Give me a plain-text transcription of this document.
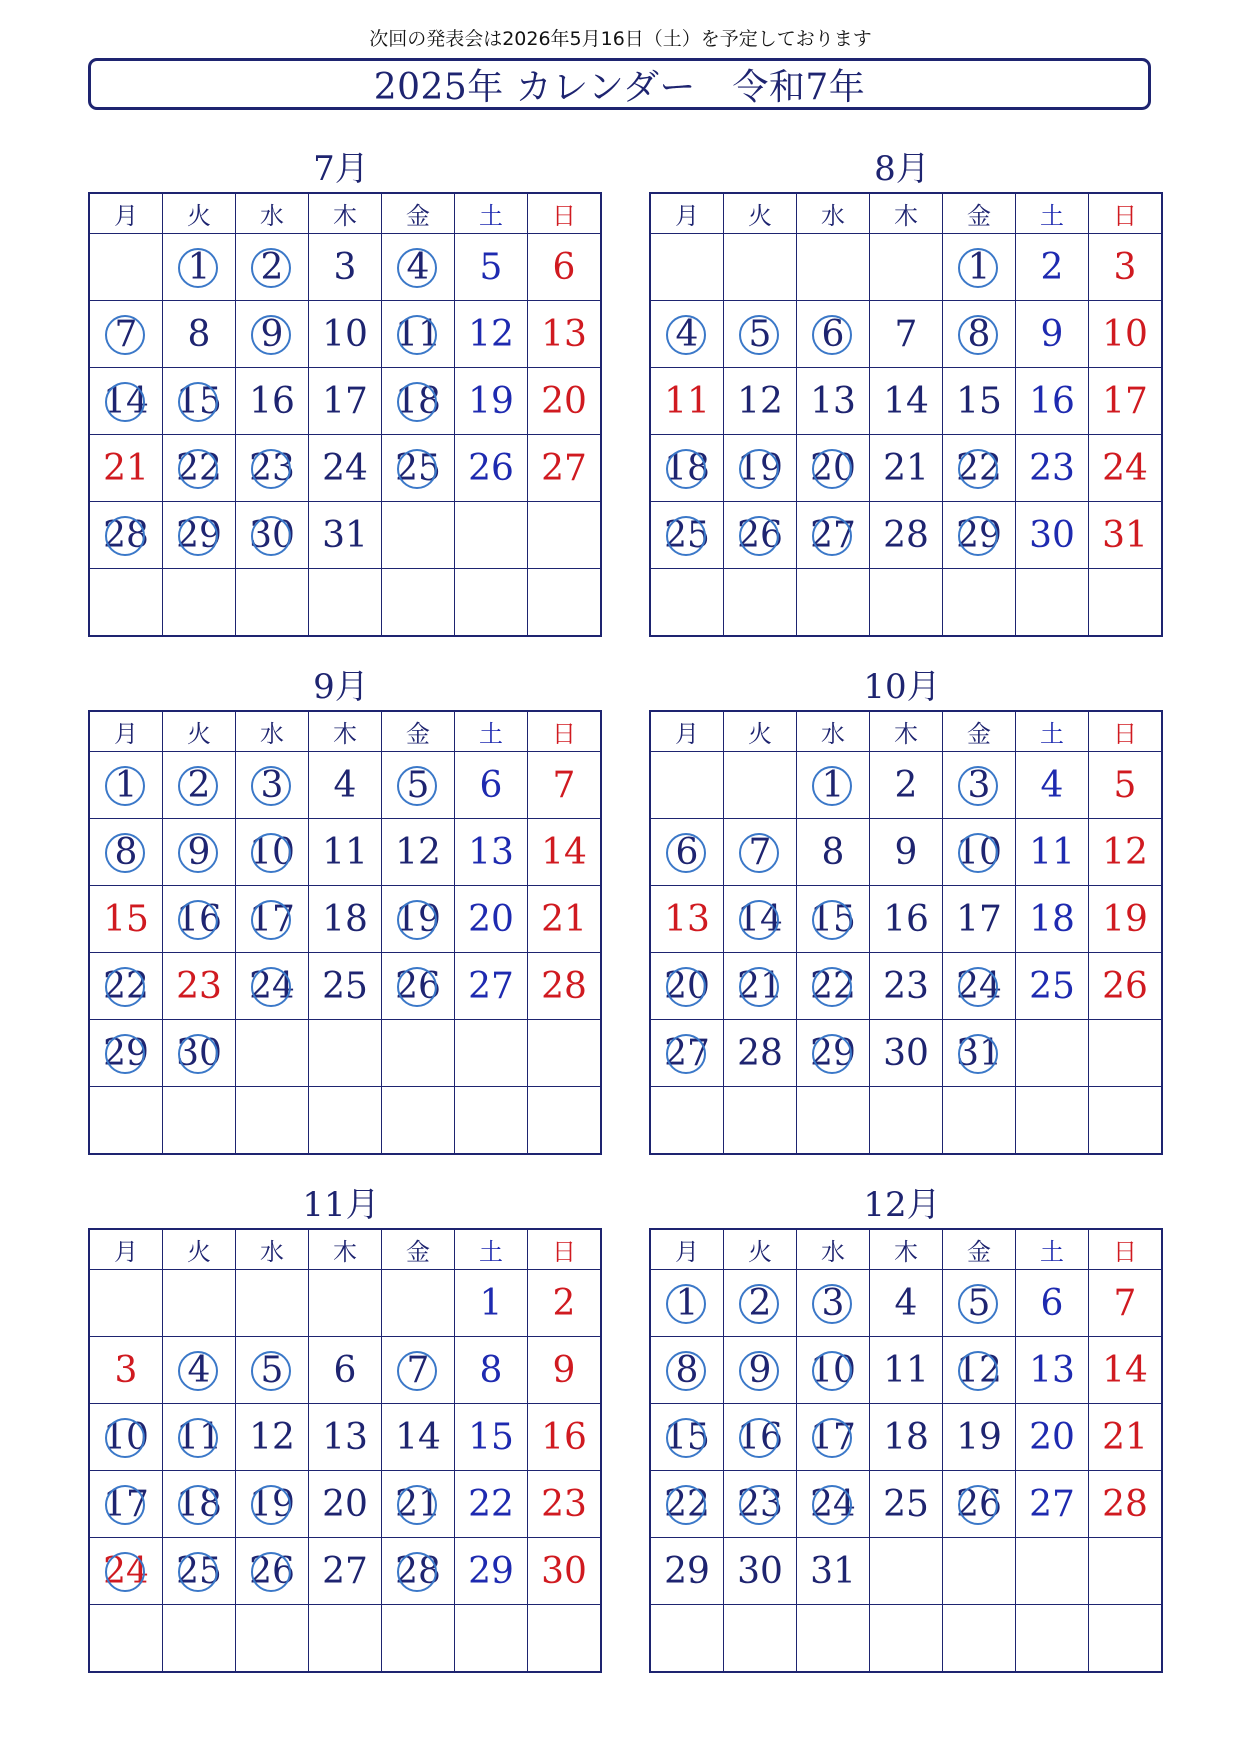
次回の発表会は2026年5月16日（土）を予定しております
2025年 カレンダー　令和7年
7月
月	火	水	木	金	土	日
	1	2	3	4	5	6
7	8	9	10	11	12	13
14	15	16	17	18	19	20
21	22	23	24	25	26	27
28	29	30	31			

8月
月	火	水	木	金	土	日
				1	2	3
4	5	6	7	8	9	10
11	12	13	14	15	16	17
18	19	20	21	22	23	24
25	26	27	28	29	30	31

9月
月	火	水	木	金	土	日
1	2	3	4	5	6	7
8	9	10	11	12	13	14
15	16	17	18	19	20	21
22	23	24	25	26	27	28
29	30					

10月
月	火	水	木	金	土	日
		1	2	3	4	5
6	7	8	9	10	11	12
13	14	15	16	17	18	19
20	21	22	23	24	25	26
27	28	29	30	31		

11月
月	火	水	木	金	土	日
					1	2
3	4	5	6	7	8	9
10	11	12	13	14	15	16
17	18	19	20	21	22	23
24	25	26	27	28	29	30

12月
月	火	水	木	金	土	日
1	2	3	4	5	6	7
8	9	10	11	12	13	14
15	16	17	18	19	20	21
22	23	24	25	26	27	28
29	30	31				
